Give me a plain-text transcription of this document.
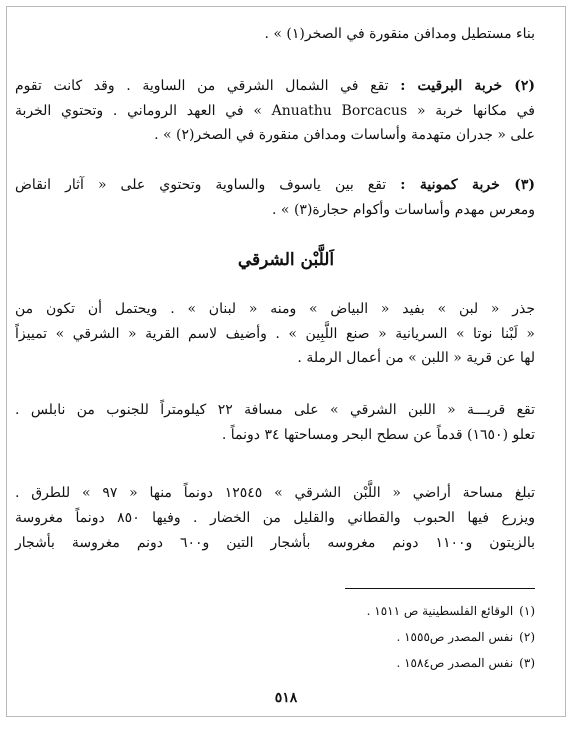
بناء مستطيل ومدافن منقورة في الصخر(١) » .
(٢) خربة البرقيت : تقع في الشمال الشرقي من الساوية . وقد كانت تقوم
في مكانها خربة « Anuathu Borcacus » في العهد الروماني . وتحتوي الخربة
على « جدران متهدمة وأساسات ومدافن منقورة في الصخر(٢) » .
(٣) خربة كمونية : تقع بين ياسوف والساوية وتحتوي على « آثار انقاض
ومعرس مهدم وأساسات وأكوام حجارة(٣) » .
اَللَّبْن الشرقي
جذر « لبن » بفيد « البياض » ومنه « لبنان » . ويحتمل أن تكون من
« لَبْنا نوتا » السريانية « صنع اللَّبِين » . وأضيف لاسم القرية « الشرقي » تمييزاً
لها عن قرية « اللبن » من أعمال الرملة .
تقع قريـــة « اللبن الشرقي » على مسافة ٢٢ كيلومتراً للجنوب من نابلس .
تعلو (١٦٥٠) قدماً عن سطح البحر ومساحتها ٣٤ دونماً .
تبلغ مساحة أراضي « اللَّبْن الشرقي » ١٢٥٤٥ دونماً منها « ٩٧ » للطرق .
ويزرع فيها الحبوب والقطاني والقليل من الخضار . وفيها ٨٥٠ دونماً مغروسة
بالزيتون و١١٠٠ دونم مغروسه بأشجار التين و٦٠٠ دونم مغروسة بأشجار
(١)الوقائع الفلسطينية ص ١٥١١ .
(٢)نفس المصدر ص١٥٥٥ .
(٣)نفس المصدر ص١٥٨٤ .
٥١٨
